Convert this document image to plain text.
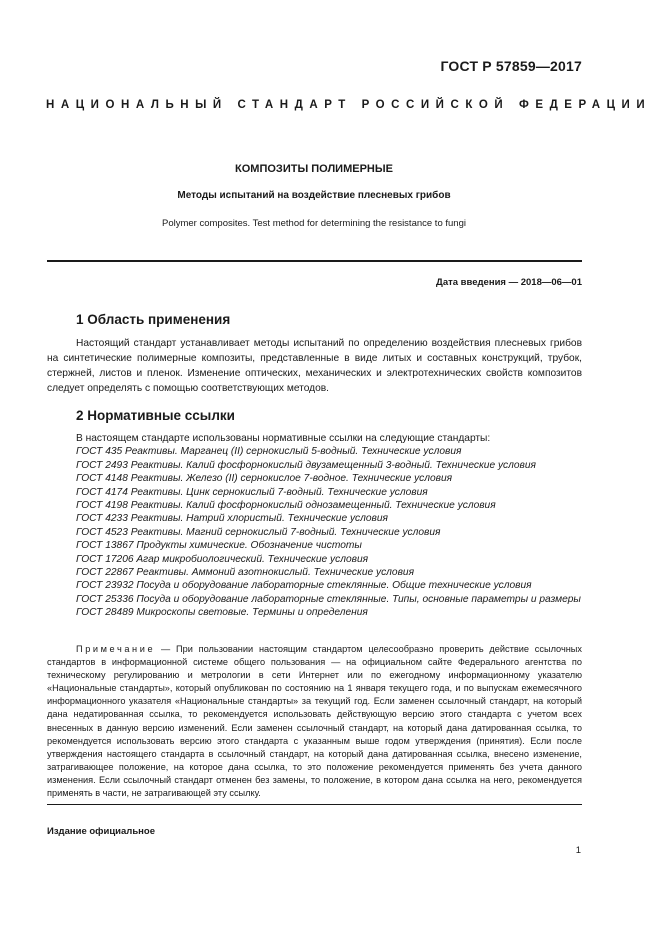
ГОСТ Р 57859—2017
НАЦИОНАЛЬНЫЙ СТАНДАРТ РОССИЙСКОЙ ФЕДЕРАЦИИ
КОМПОЗИТЫ ПОЛИМЕРНЫЕ
Методы испытаний на воздействие плесневых грибов
Polymer composites. Test method for determining the resistance to fungi
Дата введения — 2018—06—01
1 Область применения
Настоящий стандарт устанавливает методы испытаний по определению воздействия плесневых грибов на синтетические полимерные композиты, представленные в виде литых и составных конструкций, трубок, стержней, листов и пленок. Изменение оптических, механических и электротехнических свойств композитов следует определять с помощью соответствующих методов.
2 Нормативные ссылки
В настоящем стандарте использованы нормативные ссылки на следующие стандарты:
ГОСТ 435 Реактивы. Марганец (II) сернокислый 5-водный. Технические условия
ГОСТ 2493 Реактивы. Калий фосфорнокислый двузамещенный 3-водный. Технические условия
ГОСТ 4148 Реактивы. Железо (II) сернокислое 7-водное. Технические условия
ГОСТ 4174 Реактивы. Цинк сернокислый 7-водный. Технические условия
ГОСТ 4198 Реактивы. Калий фосфорнокислый однозамещенный. Технические условия
ГОСТ 4233 Реактивы. Натрий хлористый. Технические условия
ГОСТ 4523 Реактивы. Магний сернокислый 7-водный. Технические условия
ГОСТ 13867 Продукты химические. Обозначение чистоты
ГОСТ 17206 Агар микробиологический. Технические условия
ГОСТ 22867 Реактивы. Аммоний азотнокислый. Технические условия
ГОСТ 23932 Посуда и оборудование лабораторные стеклянные. Общие технические условия
ГОСТ 25336 Посуда и оборудование лабораторные стеклянные. Типы, основные параметры и размеры
ГОСТ 28489 Микроскопы световые. Термины и определения
Примечание — При пользовании настоящим стандартом целесообразно проверить действие ссылочных стандартов в информационной системе общего пользования — на официальном сайте Федерального агентства по техническому регулированию и метрологии в сети Интернет или по ежегодному информационному указателю «Национальные стандарты», который опубликован по состоянию на 1 января текущего года, и по выпускам ежемесячного информационного указателя «Национальные стандарты» за текущий год. Если заменен ссылочный стандарт, на который дана недатированная ссылка, то рекомендуется использовать действующую версию этого стандарта с учетом всех внесенных в данную версию изменений. Если заменен ссылочный стандарт, на который дана датированная ссылка, то рекомендуется использовать версию этого стандарта с указанным выше годом утверждения (принятия). Если после утверждения настоящего стандарта в ссылочный стандарт, на который дана датированная ссылка, внесено изменение, затрагивающее положение, на которое дана ссылка, то это положение рекомендуется применять без учета данного изменения. Если ссылочный стандарт отменен без замены, то положение, в котором дана ссылка на него, рекомендуется применять в части, не затрагивающей эту ссылку.
Издание официальное
1
